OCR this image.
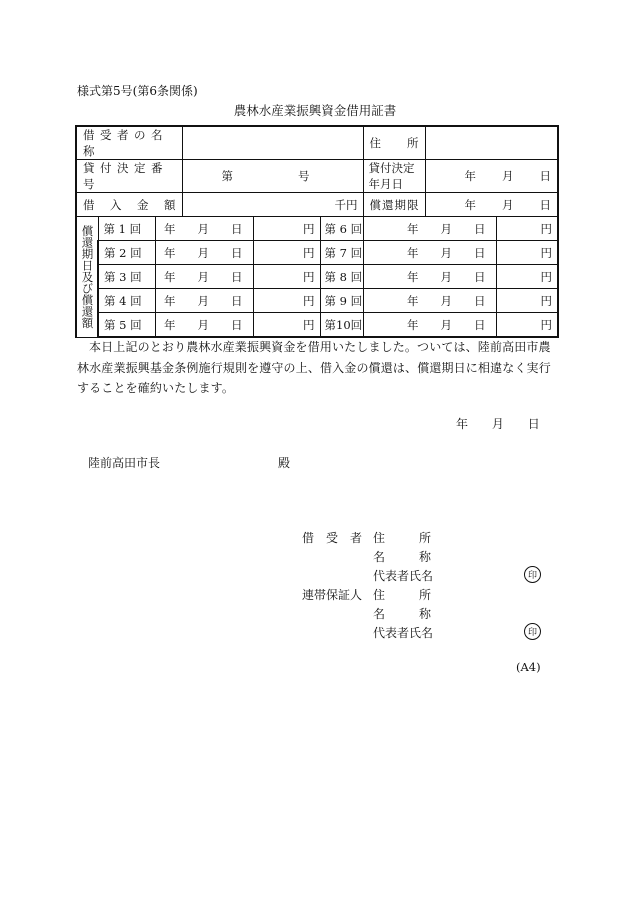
様式第5号(第6条関係)
農林水産業振興資金借用証書
借受者の名称						住 所		

貸付決定番号			第　　号			貸付決定年月日	年 月 日	

借 入 金 額			千円			償 還 期 限	年 月 日	

償還期日及び償還額	第 1 回	年 月 日		円	第 6 回	年 月 日		円
	第 2 回	年 月 日		円	第 7 回	年 月 日		円
	第 3 回	年 月 日		円	第 8 回	年 月 日		円
	第 4 回	年 月 日		円	第 9 回	年 月 日		円
	第 5 回	年 月 日		円	第10回	年 月 日		円
本日上記のとおり農林水産業振興資金を借用いたしました。ついては、陸前高田市農林水産業振興基金条例施行規則を遵守の上、借入金の償還は、償還期日に相違なく実行することを確約いたします。
年 月 日
陸前高田市長	殿
借 受 者 住	所
名	称
代表者氏名	印
連帯保証人 住	所
名	称
代表者氏名	印
(A4)
